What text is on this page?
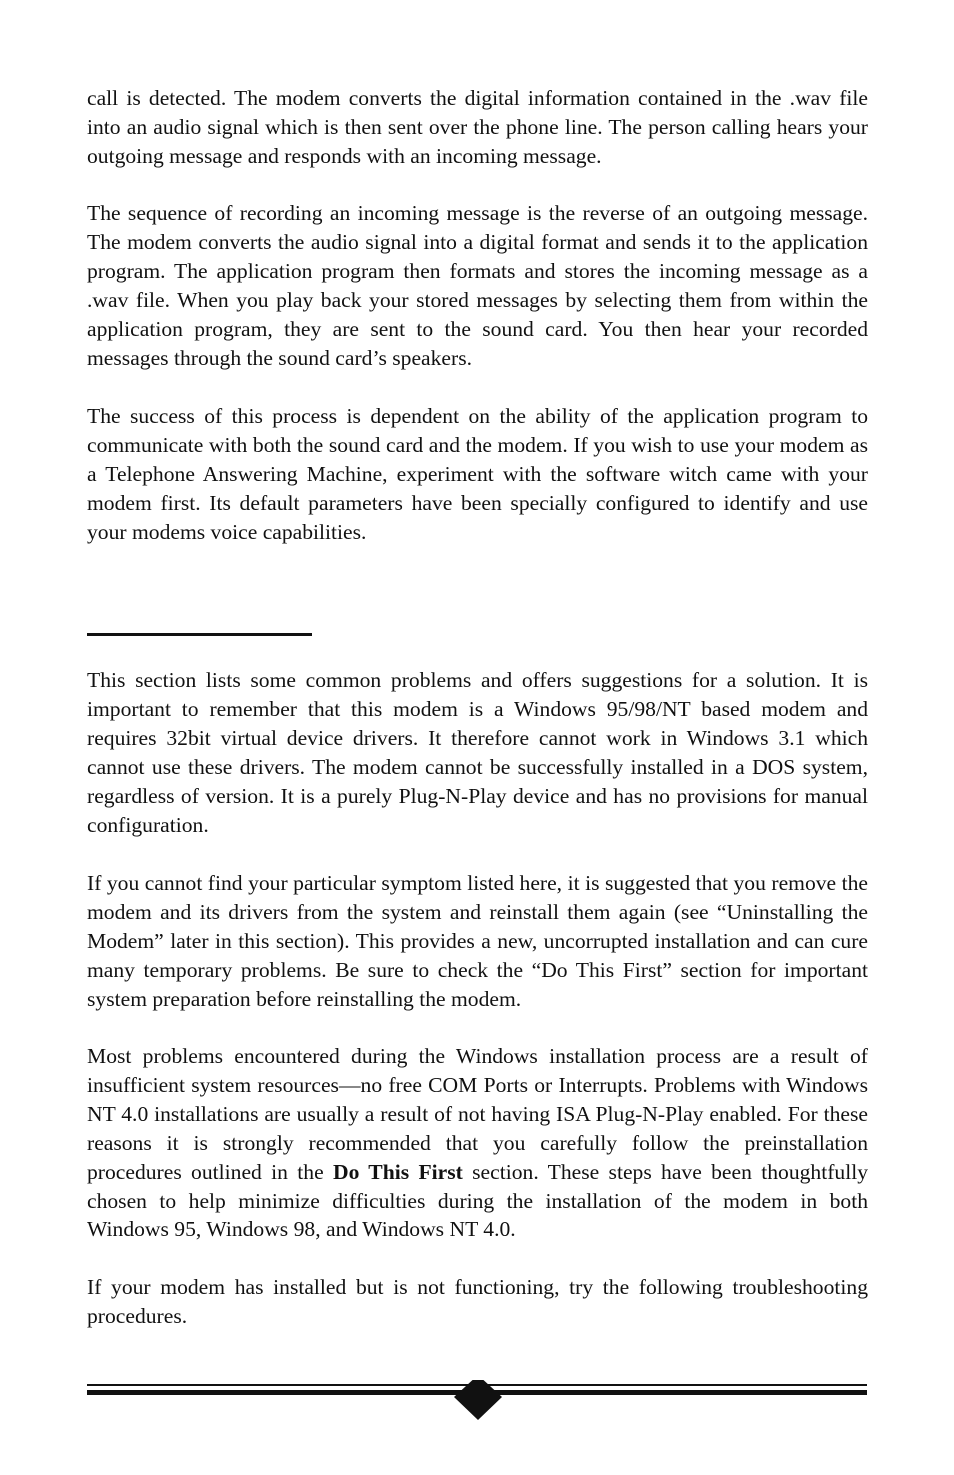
call is detected. The modem converts the digital information contained in the .wav file into an audio signal which is then sent over the phone line. The person calling hears your outgoing message and responds with an incoming message.

The sequence of recording an incoming message is the reverse of an outgoing message. The modem converts the audio signal into a digital format and sends it to the application program. The application program then formats and stores the incoming message as a .wav file. When you play back your stored messages by selecting them from within the application program, they are sent to the sound card. You then hear your recorded messages through the sound card’s speakers.

The success of this process is dependent on the ability of the application program to communicate with both the sound card and the modem. If you wish to use your modem as a Telephone Answering Machine, experiment with the software witch came with your modem first. Its default parameters have been specially configured to identify and use your modems voice capabilities.

This section lists some common problems and offers suggestions for a solution. It is important to remember that this modem is a Windows 95/98/NT based modem and requires 32bit virtual device drivers. It therefore cannot work in Windows 3.1 which cannot use these drivers. The modem cannot be successfully installed in a DOS system, regardless of version. It is a purely Plug-N-Play device and has no provisions for manual configuration.

If you cannot find your particular symptom listed here, it is suggested that you remove the modem and its drivers from the system and reinstall them again (see “Uninstalling the Modem” later in this section). This provides a new, uncorrupted installation and can cure many temporary problems. Be sure to check the “Do This First” section for important system preparation before reinstalling the modem.

Most problems encountered during the Windows installation process are a result of insufficient system resources—no free COM Ports or Interrupts. Problems with Windows NT 4.0 installations are usually a result of not having ISA Plug-N-Play enabled. For these reasons it is strongly recommended that you carefully follow the preinstallation procedures outlined in the Do This First section. These steps have been thoughtfully chosen to help minimize difficulties during the installation of the modem in both Windows 95, Windows 98, and Windows NT 4.0.

If your modem has installed but is not functioning, try the following troubleshooting procedures.
